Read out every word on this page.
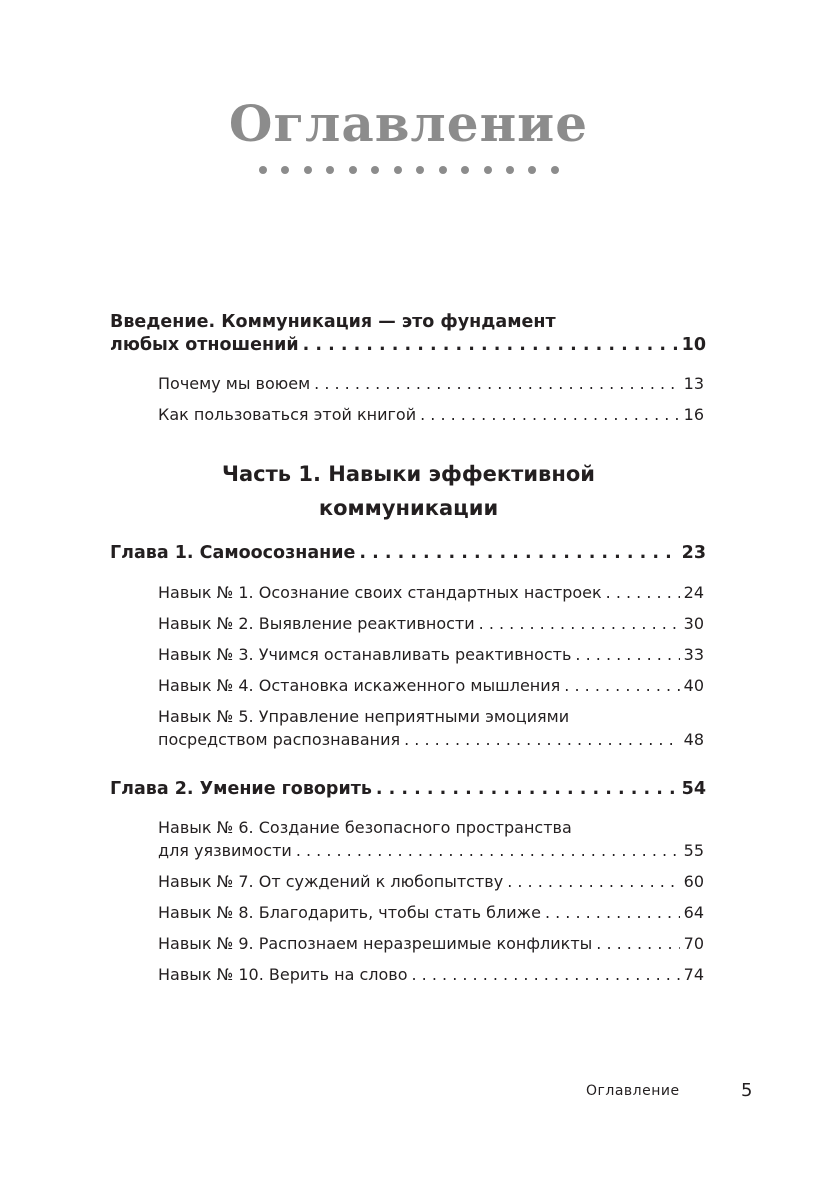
Оглавление
Введение. Коммуникация — это фундамент
любых отношений . . .	10
Почему мы воюем . . .	13
Как пользоваться этой книгой . . .	16
Часть 1. Навыки эффективной
коммуникации
Глава 1. Самоосознание . . .	23
Навык № 1. Осознание своих стандартных настроек . . .	24
Навык № 2. Выявление реактивности . . .	30
Навык № 3. Учимся останавливать реактивность . . .	33
Навык № 4. Остановка искаженного мышления . . .	40
Навык № 5. Управление неприятными эмоциями
посредством распознавания . . .	48
Глава 2. Умение говорить . . .	54
Навык № 6. Создание безопасного пространства
для уязвимости . . .	55
Навык № 7. От суждений к любопытству . . .	60
Навык № 8. Благодарить, чтобы стать ближе . . .	64
Навык № 9. Распознаем неразрешимые конфликты . . .	70
Навык № 10. Верить на слово . . .	74
Оглавление	5
